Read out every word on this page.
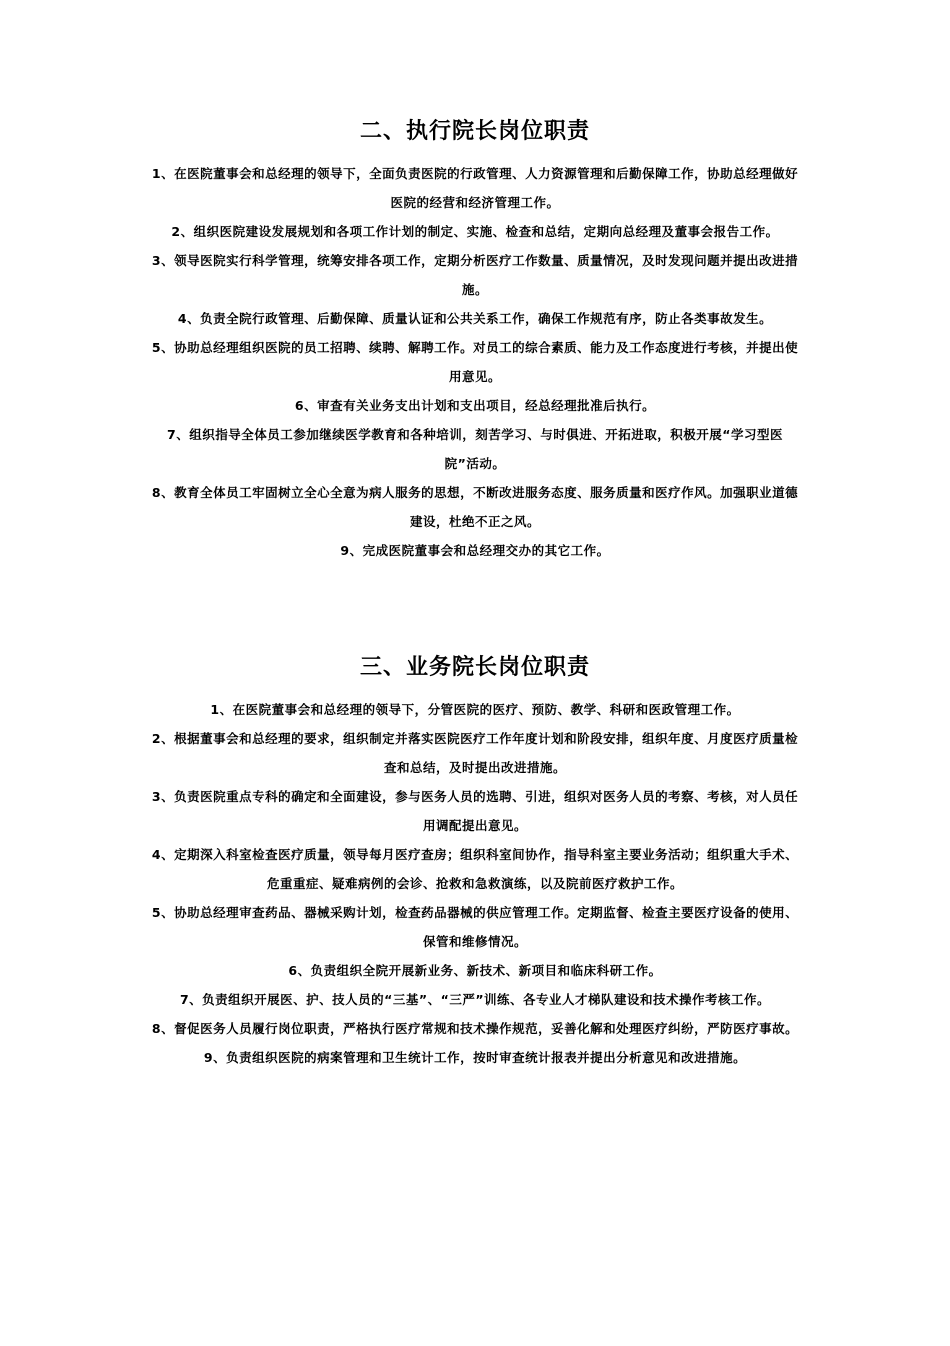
二、执行院长岗位职责

1、在医院董事会和总经理的领导下，全面负责医院的行政管理、人力资源管理和后勤保障工作，协助总经理做好医院的经营和经济管理工作。

2、组织医院建设发展规划和各项工作计划的制定、实施、检查和总结，定期向总经理及董事会报告工作。

3、领导医院实行科学管理，统筹安排各项工作，定期分析医疗工作数量、质量情况，及时发现问题并提出改进措施。

4、负责全院行政管理、后勤保障、质量认证和公共关系工作，确保工作规范有序，防止各类事故发生。

5、协助总经理组织医院的员工招聘、续聘、解聘工作。对员工的综合素质、能力及工作态度进行考核，并提出使用意见。

6、审查有关业务支出计划和支出项目，经总经理批准后执行。

7、组织指导全体员工参加继续医学教育和各种培训，刻苦学习、与时俱进、开拓进取，积极开展“学习型医院”活动。

8、教育全体员工牢固树立全心全意为病人服务的思想，不断改进服务态度、服务质量和医疗作风。加强职业道德建设，杜绝不正之风。

9、完成医院董事会和总经理交办的其它工作。

三、业务院长岗位职责

1、在医院董事会和总经理的领导下，分管医院的医疗、预防、教学、科研和医政管理工作。

2、根据董事会和总经理的要求，组织制定并落实医院医疗工作年度计划和阶段安排，组织年度、月度医疗质量检查和总结，及时提出改进措施。

3、负责医院重点专科的确定和全面建设，参与医务人员的选聘、引进，组织对医务人员的考察、考核，对人员任用调配提出意见。

4、定期深入科室检查医疗质量，领导每月医疗查房；组织科室间协作，指导科室主要业务活动；组织重大手术、危重重症、疑难病例的会诊、抢救和急救演练，以及院前医疗救护工作。

5、协助总经理审查药品、器械采购计划，检查药品器械的供应管理工作。定期监督、检查主要医疗设备的使用、保管和维修情况。

6、负责组织全院开展新业务、新技术、新项目和临床科研工作。

7、负责组织开展医、护、技人员的“三基”、“三严”训练、各专业人才梯队建设和技术操作考核工作。

8、督促医务人员履行岗位职责，严格执行医疗常规和技术操作规范，妥善化解和处理医疗纠纷，严防医疗事故。

9、负责组织医院的病案管理和卫生统计工作，按时审查统计报表并提出分析意见和改进措施。
